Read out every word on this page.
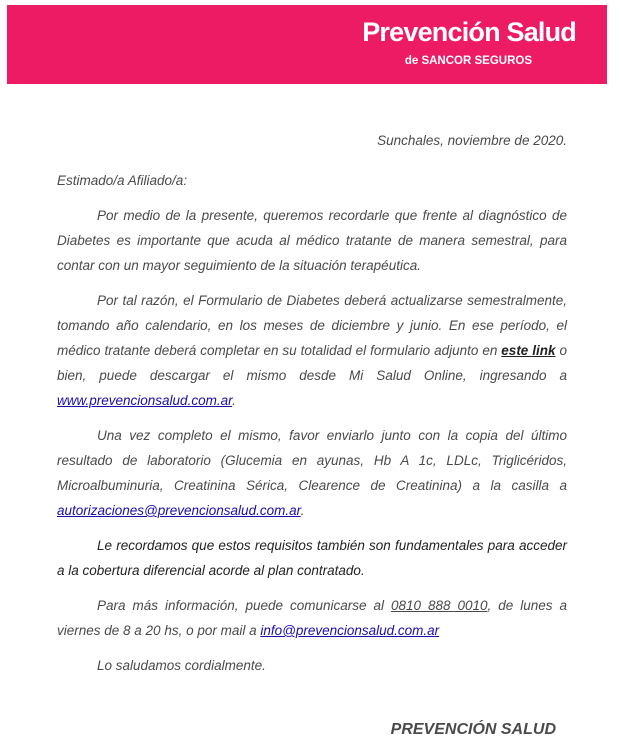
Prevención Salud
de SANCOR SEGUROS

Sunchales, noviembre de 2020.

Estimado/a Afiliado/a:

Por medio de la presente, queremos recordarle que frente al diagnóstico de Diabetes es importante que acuda al médico tratante de manera semestral, para contar con un mayor seguimiento de la situación terapéutica.

Por tal razón, el Formulario de Diabetes deberá actualizarse semestralmente, tomando año calendario, en los meses de diciembre y junio. En ese período, el médico tratante deberá completar en su totalidad el formulario adjunto en este link o bien, puede descargar el mismo desde Mi Salud Online, ingresando a www.prevencionsalud.com.ar.

Una vez completo el mismo, favor enviarlo junto con la copia del último resultado de laboratorio (Glucemia en ayunas, Hb A 1c, LDLc, Triglicéridos, Microalbuminuria, Creatinina Sérica, Clearence de Creatinina) a la casilla a autorizaciones@prevencionsalud.com.ar.

Le recordamos que estos requisitos también son fundamentales para acceder a la cobertura diferencial acorde al plan contratado.

Para más información, puede comunicarse al 0810 888 0010, de lunes a viernes de 8 a 20 hs, o por mail a info@prevencionsalud.com.ar

Lo saludamos cordialmente.

PREVENCIÓN SALUD
